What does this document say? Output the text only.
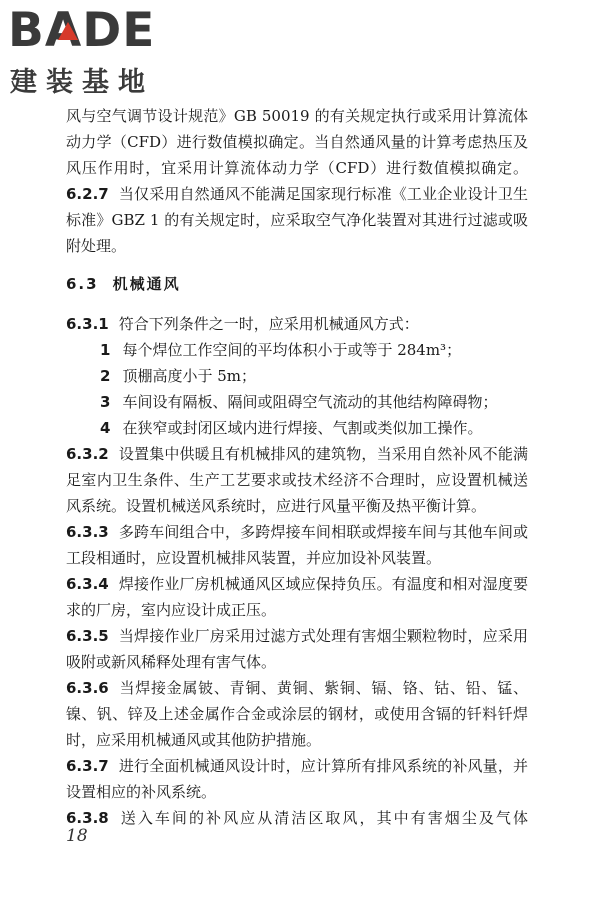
BA
DE
建装基地

风与空气调节设计规范》GB 50019 的有关规定执行或采用计算流体动力学（CFD）进行数值模拟确定。当自然通风量的计算考虑热压及风压作用时，宜采用计算流体动力学（CFD）进行数值模拟确定。

6.2.7 当仅采用自然通风不能满足国家现行标准《工业企业设计卫生标准》GBZ 1 的有关规定时，应采取空气净化装置对其进行过滤或吸附处理。

6.3 机械通风

6.3.1 符合下列条件之一时，应采用机械通风方式：

1 每个焊位工作空间的平均体积小于或等于 284m³；

2 顶棚高度小于 5m；

3 车间设有隔板、隔间或阻碍空气流动的其他结构障碍物；

4 在狭窄或封闭区域内进行焊接、气割或类似加工操作。

6.3.2 设置集中供暖且有机械排风的建筑物，当采用自然补风不能满足室内卫生条件、生产工艺要求或技术经济不合理时，应设置机械送风系统。设置机械送风系统时，应进行风量平衡及热平衡计算。

6.3.3 多跨车间组合中，多跨焊接车间相联或焊接车间与其他车间或工段相通时，应设置机械排风装置，并应加设补风装置。

6.3.4 焊接作业厂房机械通风区域应保持负压。有温度和相对湿度要求的厂房，室内应设计成正压。

6.3.5 当焊接作业厂房采用过滤方式处理有害烟尘颗粒物时，应采用吸附或新风稀释处理有害气体。

6.3.6 当焊接金属铍、青铜、黄铜、紫铜、镉、铬、钴、铅、锰、镍、钒、锌及上述金属作合金或涂层的钢材，或使用含镉的钎料钎焊时，应采用机械通风或其他防护措施。

6.3.7 进行全面机械通风设计时，应计算所有排风系统的补风量，并设置相应的补风系统。

6.3.8 送入车间的补风应从清洁区取风，其中有害烟尘及气体

18
